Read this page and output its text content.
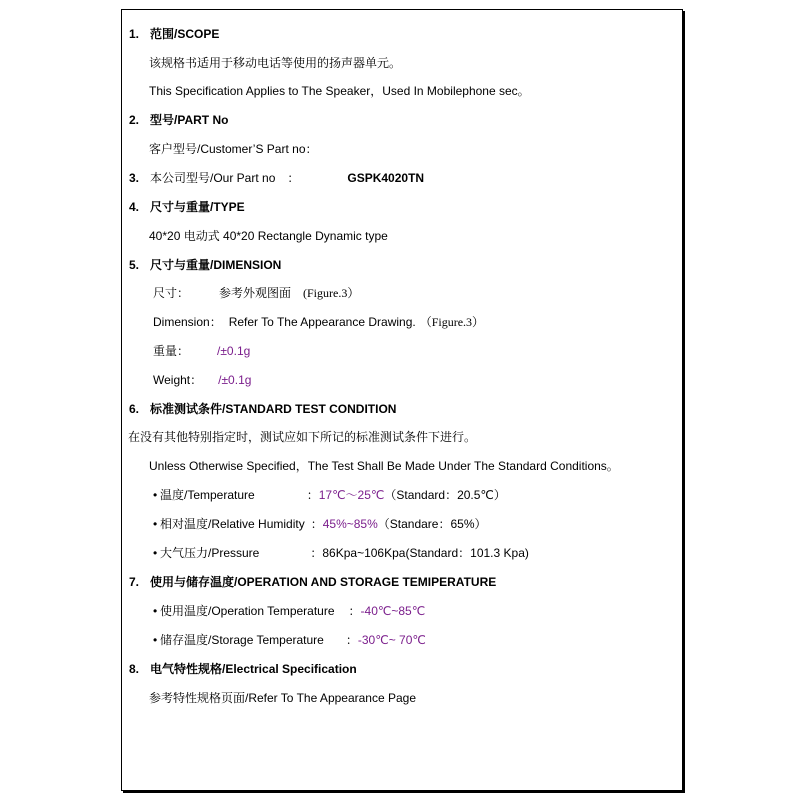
1. 范围/SCOPE
该规格书适用于移动电话等使用的扬声器单元。
This Specification Applies to The Speaker，Used In Mobilephone sec。
2. 型号/PART No
客户型号/Customer’S Part no：
3. 本公司型号/Our Part no　：	GSPK4020TN
4. 尺寸与重量/TYPE
40*20 电动式 40*20 Rectangle Dynamic type
5. 尺寸与重量/DIMENSION
尺寸：	参考外观图面　(Figure.3）
Dimension： Refer To The Appearance Drawing. （Figure.3）
重量： /±0.1g
Weight： /±0.1g
6. 标准测试条件/STANDARD TEST CONDITION
在没有其他特别指定时，测试应如下所记的标准测试条件下进行。
Unless Otherwise Specified，The Test Shall Be Made Under The Standard Conditions。
• 温度/Temperature	：17℃～25℃（Standard：20.5℃）
• 相对温度/Relative Humidity ：45%~85%（Standare：65%）
• 大气压力/Pressure	：86Kpa~106Kpa(Standard：101.3 Kpa)
7. 使用与储存温度/OPERATION AND STORAGE TEMIPERATURE
• 使用温度/Operation Temperature ：-40℃~85℃
• 储存温度/Storage Temperature ：-30℃~ 70℃
8. 电气特性规格/Electrical Specification
参考特性规格页面/Refer To The Appearance Page
